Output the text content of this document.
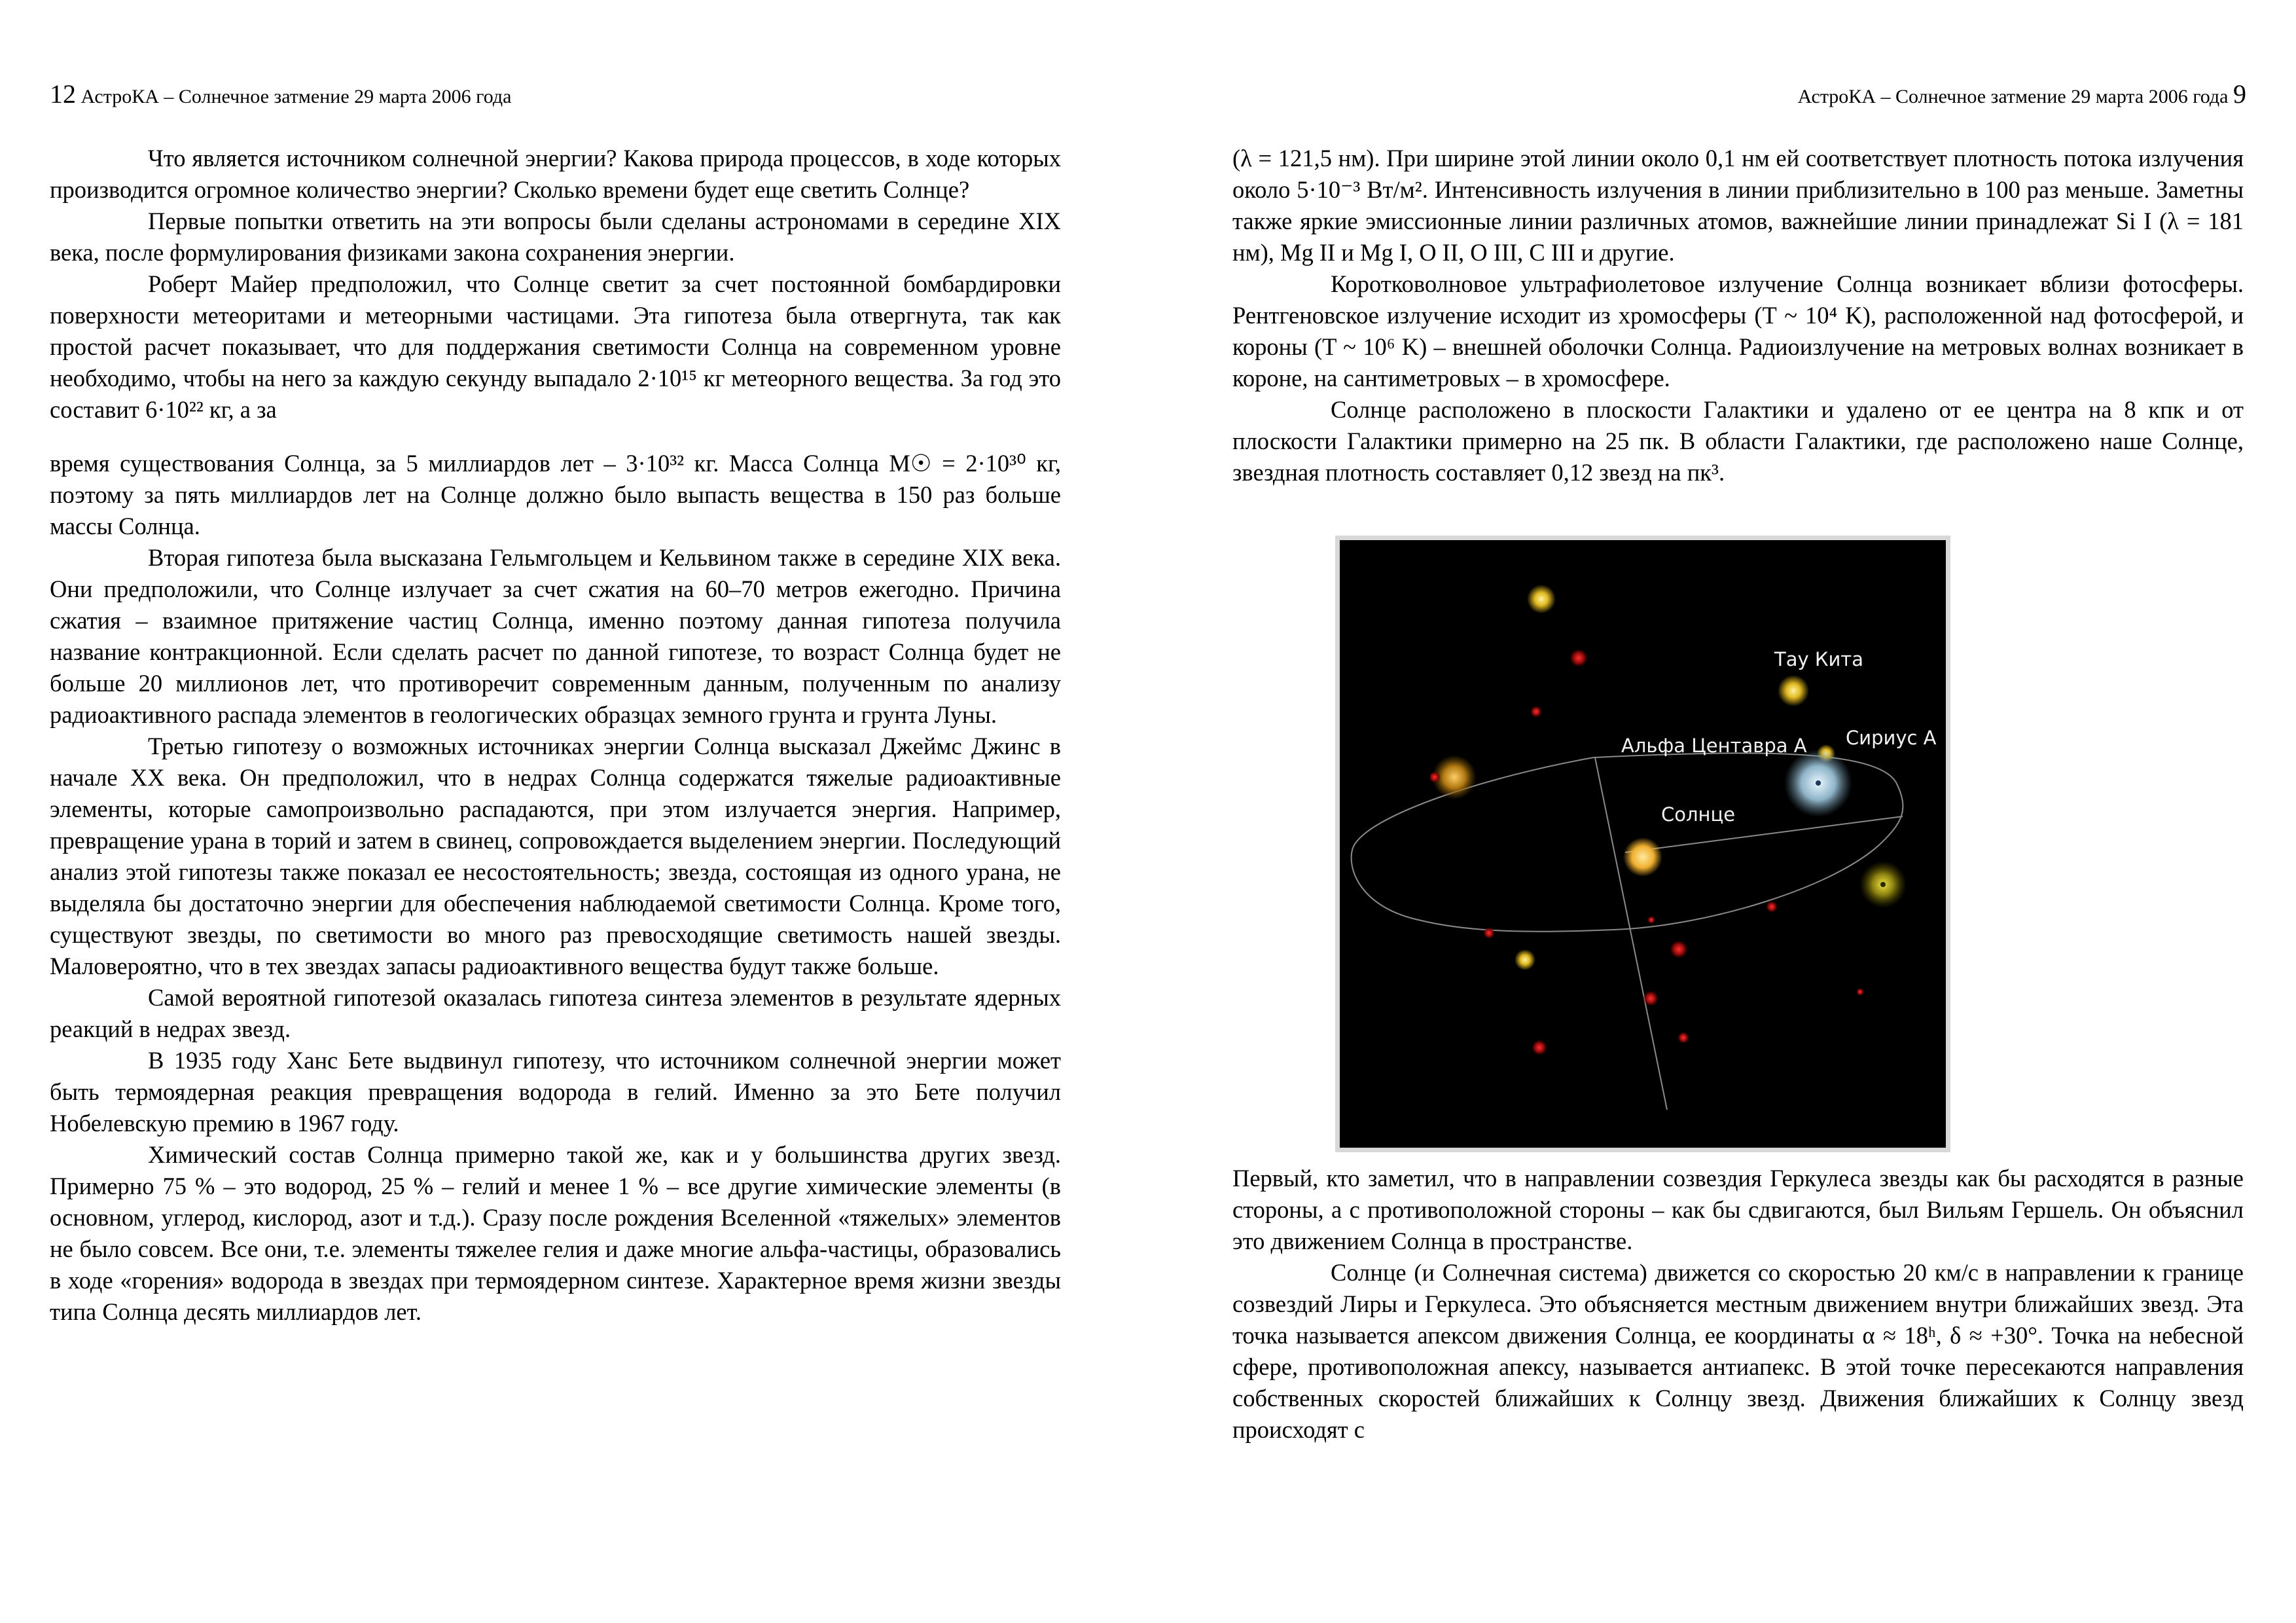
12 АстроКА – Солнечное затмение 29 марта 2006 года

Что является источником солнечной энергии? Какова природа процессов, в ходе которых производится огромное количество энергии? Сколько времени будет еще светить Солнце?

Первые попытки ответить на эти вопросы были сделаны астрономами в середине XIX века, после формулирования физиками закона сохранения энергии.

Роберт Майер предположил, что Солнце светит за счет постоянной бомбардировки поверхности метеоритами и метеорными частицами. Эта гипотеза была отвергнута, так как простой расчет показывает, что для поддержания светимости Солнца на современном уровне необходимо, чтобы на него за каждую секунду выпадало 2·10¹⁵ кг метеорного вещества. За год это составит 6·10²² кг, а за

время существования Солнца, за 5 миллиардов лет – 3·10³² кг. Масса Солнца M☉ = 2·10³⁰ кг, поэтому за пять миллиардов лет на Солнце должно было выпасть вещества в 150 раз больше массы Солнца.

Вторая гипотеза была высказана Гельмгольцем и Кельвином также в середине XIX века. Они предположили, что Солнце излучает за счет сжатия на 60–70 метров ежегодно. Причина сжатия – взаимное притяжение частиц Солнца, именно поэтому данная гипотеза получила название контракционной. Если сделать расчет по данной гипотезе, то возраст Солнца будет не больше 20 миллионов лет, что противоречит современным данным, полученным по анализу радиоактивного распада элементов в геологических образцах земного грунта и грунта Луны.

Третью гипотезу о возможных источниках энергии Солнца высказал Джеймс Джинс в начале XX века. Он предположил, что в недрах Солнца содержатся тяжелые радиоактивные элементы, которые самопроизвольно распадаются, при этом излучается энергия. Например, превращение урана в торий и затем в свинец, сопровождается выделением энергии. Последующий анализ этой гипотезы также показал ее несостоятельность; звезда, состоящая из одного урана, не выделяла бы достаточно энергии для обеспечения наблюдаемой светимости Солнца. Кроме того, существуют звезды, по светимости во много раз превосходящие светимость нашей звезды. Маловероятно, что в тех звездах запасы радиоактивного вещества будут также больше.

Самой вероятной гипотезой оказалась гипотеза синтеза элементов в результате ядерных реакций в недрах звезд.

В 1935 году Ханс Бете выдвинул гипотезу, что источником солнечной энергии может быть термоядерная реакция превращения водорода в гелий. Именно за это Бете получил Нобелевскую премию в 1967 году.

Химический состав Солнца примерно такой же, как и у большинства других звезд. Примерно 75 % – это водород, 25 % – гелий и менее 1 % – все другие химические элементы (в основном, углерод, кислород, азот и т.д.). Сразу после рождения Вселенной «тяжелых» элементов не было совсем. Все они, т.е. элементы тяжелее гелия и даже многие альфа-частицы, образовались в ходе «горения» водорода в звездах при термоядерном синтезе. Характерное время жизни звезды типа Солнца десять миллиардов лет.

АстроКА – Солнечное затмение 29 марта 2006 года 9

(λ = 121,5 нм). При ширине этой линии около 0,1 нм ей соответствует плотность потока излучения около 5·10⁻³ Вт/м². Интенсивность излучения в линии приблизительно в 100 раз меньше. Заметны также яркие эмиссионные линии различных атомов, важнейшие линии принадлежат Si I (λ = 181 нм), Mg II и Mg I, O II, O III, C III и другие.

Коротковолновое ультрафиолетовое излучение Солнца возникает вблизи фотосферы. Рентгеновское излучение исходит из хромосферы (T ~ 10⁴ K), расположенной над фотосферой, и короны (T ~ 10⁶ K) – внешней оболочки Солнца. Радиоизлучение на метровых волнах возникает в короне, на сантиметровых – в хромосфере.

Солнце расположено в плоскости Галактики и удалено от ее центра на 8 кпк и от плоскости Галактики примерно на 25 пк. В области Галактики, где расположено наше Солнце, звездная плотность составляет 0,12 звезд на пк³.

Тау Кита
Альфа Центавра А Сириус А
Солнце

Первый, кто заметил, что в направлении созвездия Геркулеса звезды как бы расходятся в разные стороны, а с противоположной стороны – как бы сдвигаются, был Вильям Гершель. Он объяснил это движением Солнца в пространстве.

Солнце (и Солнечная система) движется со скоростью 20 км/с в направлении к границе созвездий Лиры и Геркулеса. Это объясняется местным движением внутри ближайших звезд. Эта точка называется апексом движения Солнца, ее координаты α ≈ 18ʰ, δ ≈ +30°. Точка на небесной сфере, противоположная апексу, называется антиапекс. В этой точке пересекаются направления собственных скоростей ближайших к Солнцу звезд. Движения ближайших к Солнцу звезд происходят с
